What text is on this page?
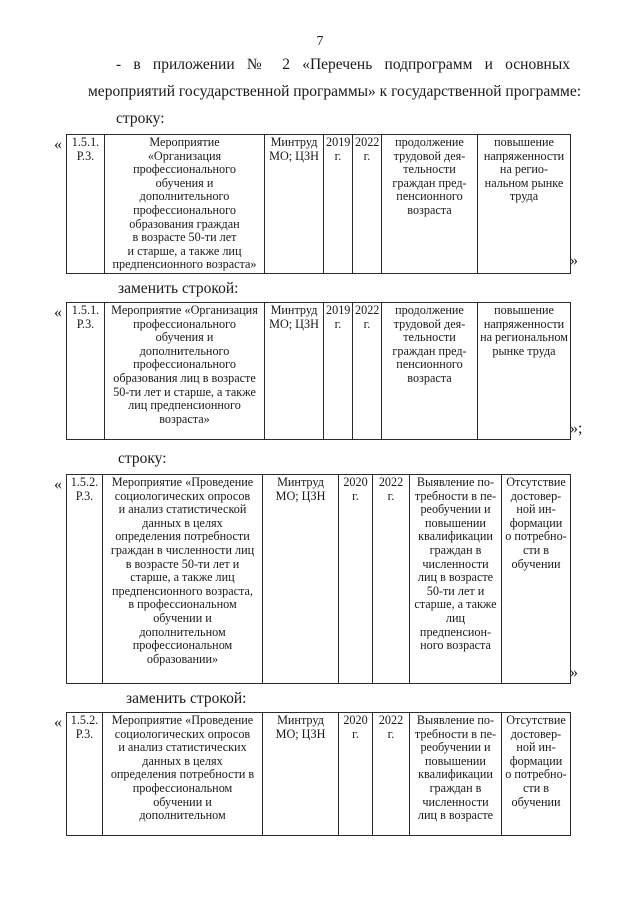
7
- в приложении № 2 «Перечень подпрограмм и основных
мероприятий государственной программы» к государственной программе:
строку:
« 1.5.1.
Р.3.	Мероприятие
«Организация
профессионального
обучения и
дополнительного
профессионального
образования граждан
в возрасте 50-ти лет
и старше, а также лиц
предпенсионного возраста»	Минтруд
МО; ЦЗН	2019
г.	2022
г.	продолжение
трудовой дея-
тельности
граждан пред-
пенсионного
возраста	повышение
напряженности
на регио-
нальном рынке
труда
»
заменить строкой:
« 1.5.1.
Р.3.	Мероприятие «Организация
профессионального
обучения и
дополнительного
профессионального
образования лиц в возрасте
50-ти лет и старше, а также
лиц предпенсионного
возраста»	Минтруд
МО; ЦЗН	2019
г.	2022
г.	продолжение
трудовой дея-
тельности
граждан пред-
пенсионного
возраста	повышение
напряженности
на региональном
рынке труда
»;
строку:
« 1.5.2.
Р.3.	Мероприятие «Проведение
социологических опросов
и анализ статистической
данных в целях
определения потребности
граждан в численности лиц
в возрасте 50-ти лет и
старше, а также лиц
предпенсионного возраста,
в профессиональном
обучении и
дополнительном
профессиональном
образовании»	Минтруд
МО; ЦЗН	2020
г.	2022
г.	Выявление по-
требности в пе-
реобучении и
повышении
квалификации
граждан в
численности
лиц в возрасте
50-ти лет и
старше, а также
лиц
предпенсион-
ного возраста	Отсутствие
достовер-
ной ин-
формации
о потребно-
сти в
обучении
»
заменить строкой:
« 1.5.2.
Р.3.	Мероприятие «Проведение
социологических опросов
и анализ статистических
данных в целях
определения потребности в
профессиональном
обучении и
дополнительном	Минтруд
МО; ЦЗН	2020
г.	2022
г.	Выявление по-
требности в пе-
реобучении и
повышении
квалификации
граждан в
численности
лиц в возрасте	Отсутствие
достовер-
ной ин-
формации
о потребно-
сти в
обучении
